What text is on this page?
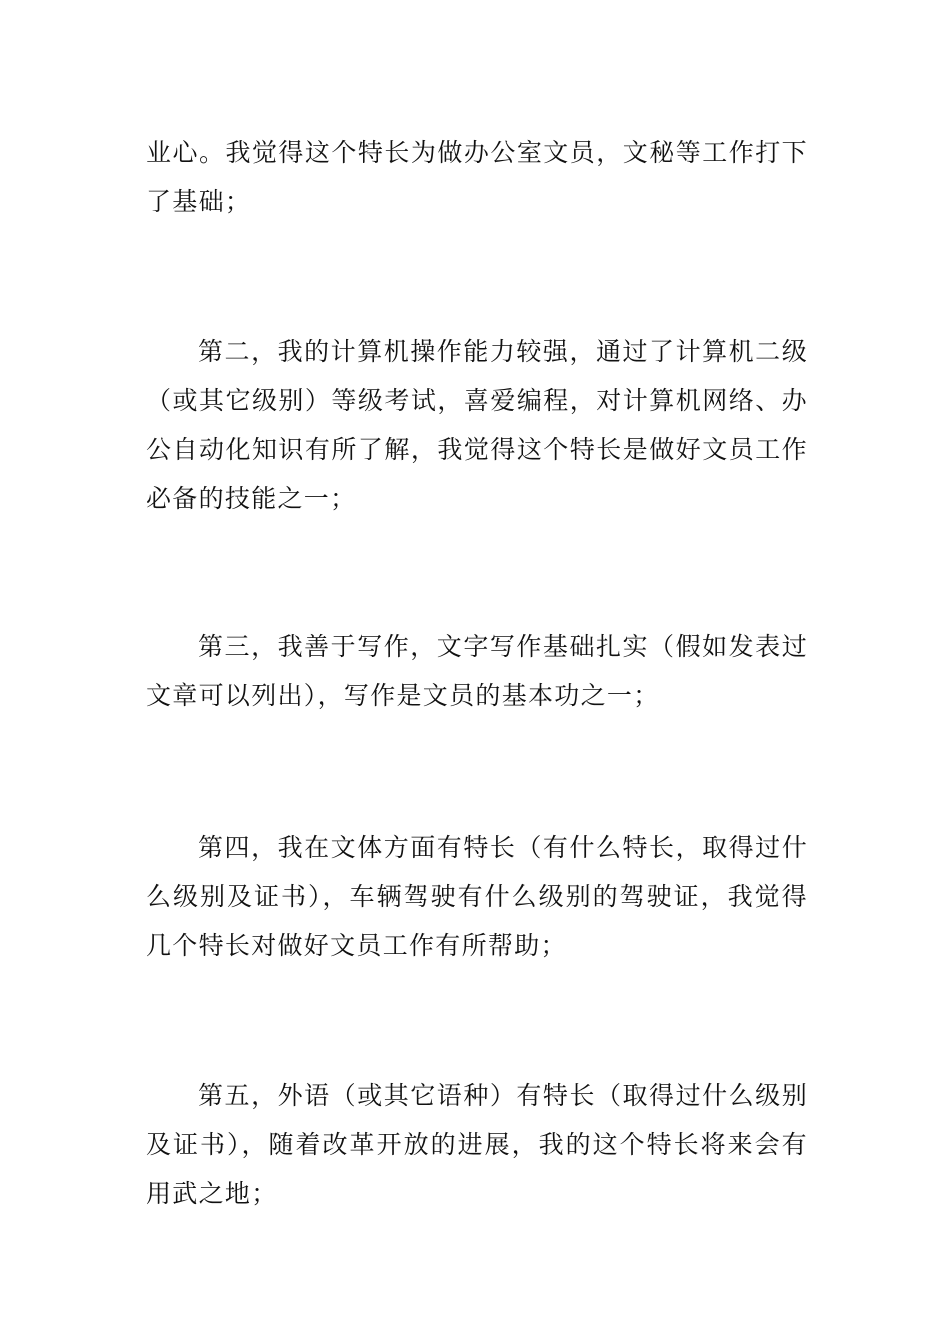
业心。我觉得这个特长为做办公室文员，文秘等工作打下了基础；

第二，我的计算机操作能力较强，通过了计算机二级（或其它级别）等级考试，喜爱编程，对计算机网络、办公自动化知识有所了解，我觉得这个特长是做好文员工作必备的技能之一；

第三，我善于写作，文字写作基础扎实（假如发表过文章可以列出），写作是文员的基本功之一；

第四，我在文体方面有特长（有什么特长，取得过什么级别及证书），车辆驾驶有什么级别的驾驶证，我觉得几个特长对做好文员工作有所帮助；

第五，外语（或其它语种）有特长（取得过什么级别及证书），随着改革开放的进展，我的这个特长将来会有用武之地；
